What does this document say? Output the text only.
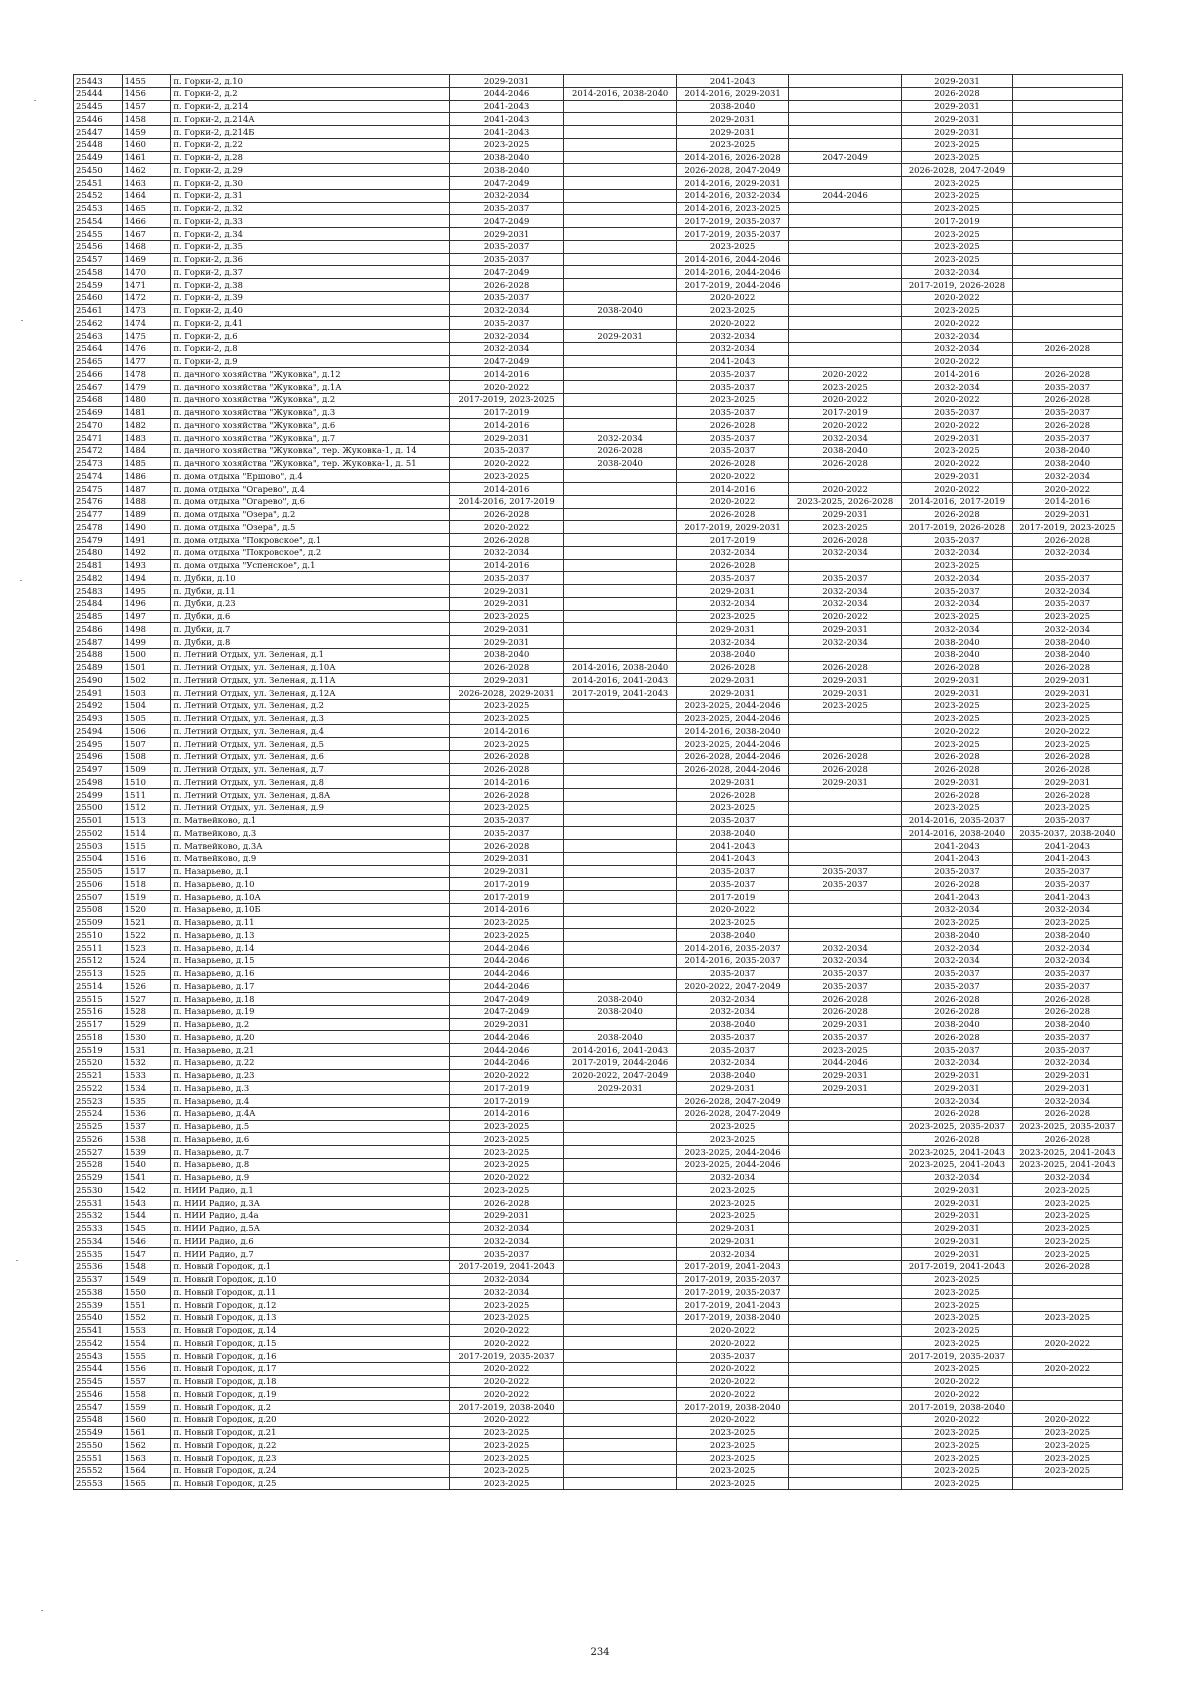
25443	1455	п. Горки-2, д.10	2029-2031		2041-2043		2029-2031	
25444	1456	п. Горки-2, д.2	2044-2046	2014-2016, 2038-2040	2014-2016, 2029-2031		2026-2028	
25445	1457	п. Горки-2, д.214	2041-2043		2038-2040		2029-2031	
25446	1458	п. Горки-2, д.214А	2041-2043		2029-2031		2029-2031	
25447	1459	п. Горки-2, д.214Б	2041-2043		2029-2031		2029-2031	
25448	1460	п. Горки-2, д.22	2023-2025		2023-2025		2023-2025	
25449	1461	п. Горки-2, д.28	2038-2040		2014-2016, 2026-2028	2047-2049	2023-2025	
25450	1462	п. Горки-2, д.29	2038-2040		2026-2028, 2047-2049		2026-2028, 2047-2049	
25451	1463	п. Горки-2, д.30	2047-2049		2014-2016, 2029-2031		2023-2025	
25452	1464	п. Горки-2, д.31	2032-2034		2014-2016, 2032-2034	2044-2046	2023-2025	
25453	1465	п. Горки-2, д.32	2035-2037		2014-2016, 2023-2025		2023-2025	
25454	1466	п. Горки-2, д.33	2047-2049		2017-2019, 2035-2037		2017-2019	
25455	1467	п. Горки-2, д.34	2029-2031		2017-2019, 2035-2037		2023-2025	
25456	1468	п. Горки-2, д.35	2035-2037		2023-2025		2023-2025	
25457	1469	п. Горки-2, д.36	2035-2037		2014-2016, 2044-2046		2023-2025	
25458	1470	п. Горки-2, д.37	2047-2049		2014-2016, 2044-2046		2032-2034	
25459	1471	п. Горки-2, д.38	2026-2028		2017-2019, 2044-2046		2017-2019, 2026-2028	
25460	1472	п. Горки-2, д.39	2035-2037		2020-2022		2020-2022	
25461	1473	п. Горки-2, д.40	2032-2034	2038-2040	2023-2025		2023-2025	
25462	1474	п. Горки-2, д.41	2035-2037		2020-2022		2020-2022	
25463	1475	п. Горки-2, д.6	2032-2034	2029-2031	2032-2034		2032-2034	
25464	1476	п. Горки-2, д.8	2032-2034		2032-2034		2032-2034	2026-2028
25465	1477	п. Горки-2, д.9	2047-2049		2041-2043		2020-2022	
25466	1478	п. дачного хозяйства "Жуковка", д.12	2014-2016		2035-2037	2020-2022	2014-2016	2026-2028
25467	1479	п. дачного хозяйства "Жуковка", д.1А	2020-2022		2035-2037	2023-2025	2032-2034	2035-2037
25468	1480	п. дачного хозяйства "Жуковка", д.2	2017-2019, 2023-2025		2023-2025	2020-2022	2020-2022	2026-2028
25469	1481	п. дачного хозяйства "Жуковка", д.3	2017-2019		2035-2037	2017-2019	2035-2037	2035-2037
25470	1482	п. дачного хозяйства "Жуковка", д.6	2014-2016		2026-2028	2020-2022	2020-2022	2026-2028
25471	1483	п. дачного хозяйства "Жуковка", д.7	2029-2031	2032-2034	2035-2037	2032-2034	2029-2031	2035-2037
25472	1484	п. дачного хозяйства "Жуковка", тер. Жуковка-1, д. 14	2035-2037	2026-2028	2035-2037	2038-2040	2023-2025	2038-2040
25473	1485	п. дачного хозяйства "Жуковка", тер. Жуковка-1, д. 51	2020-2022	2038-2040	2026-2028	2026-2028	2020-2022	2038-2040
25474	1486	п. дома отдыха "Ершово", д.4	2023-2025		2020-2022		2029-2031	2032-2034
25475	1487	п. дома отдыха "Огарево", д.4	2014-2016		2014-2016	2020-2022	2020-2022	2020-2022
25476	1488	п. дома отдыха "Огарево", д.6	2014-2016, 2017-2019		2020-2022	2023-2025, 2026-2028	2014-2016, 2017-2019	2014-2016
25477	1489	п. дома отдыха "Озера", д.2	2026-2028		2026-2028	2029-2031	2026-2028	2029-2031
25478	1490	п. дома отдыха "Озера", д.5	2020-2022		2017-2019, 2029-2031	2023-2025	2017-2019, 2026-2028	2017-2019, 2023-2025
25479	1491	п. дома отдыха "Покровское", д.1	2026-2028		2017-2019	2026-2028	2035-2037	2026-2028
25480	1492	п. дома отдыха "Покровское", д.2	2032-2034		2032-2034	2032-2034	2032-2034	2032-2034
25481	1493	п. дома отдыха "Успенское", д.1	2014-2016		2026-2028		2023-2025	
25482	1494	п. Дубки, д.10	2035-2037		2035-2037	2035-2037	2032-2034	2035-2037
25483	1495	п. Дубки, д.11	2029-2031		2029-2031	2032-2034	2035-2037	2032-2034
25484	1496	п. Дубки, д.23	2029-2031		2032-2034	2032-2034	2032-2034	2035-2037
25485	1497	п. Дубки, д.6	2023-2025		2023-2025	2020-2022	2023-2025	2023-2025
25486	1498	п. Дубки, д.7	2029-2031		2029-2031	2029-2031	2032-2034	2032-2034
25487	1499	п. Дубки, д.8	2029-2031		2032-2034	2032-2034	2038-2040	2038-2040
25488	1500	п. Летний Отдых, ул. Зеленая, д.1	2038-2040		2038-2040		2038-2040	2038-2040
25489	1501	п. Летний Отдых, ул. Зеленая, д.10А	2026-2028	2014-2016, 2038-2040	2026-2028	2026-2028	2026-2028	2026-2028
25490	1502	п. Летний Отдых, ул. Зеленая, д.11А	2029-2031	2014-2016, 2041-2043	2029-2031	2029-2031	2029-2031	2029-2031
25491	1503	п. Летний Отдых, ул. Зеленая, д.12А	2026-2028, 2029-2031	2017-2019, 2041-2043	2029-2031	2029-2031	2029-2031	2029-2031
25492	1504	п. Летний Отдых, ул. Зеленая, д.2	2023-2025		2023-2025, 2044-2046	2023-2025	2023-2025	2023-2025
25493	1505	п. Летний Отдых, ул. Зеленая, д.3	2023-2025		2023-2025, 2044-2046		2023-2025	2023-2025
25494	1506	п. Летний Отдых, ул. Зеленая, д.4	2014-2016		2014-2016, 2038-2040		2020-2022	2020-2022
25495	1507	п. Летний Отдых, ул. Зеленая, д.5	2023-2025		2023-2025, 2044-2046		2023-2025	2023-2025
25496	1508	п. Летний Отдых, ул. Зеленая, д.6	2026-2028		2026-2028, 2044-2046	2026-2028	2026-2028	2026-2028
25497	1509	п. Летний Отдых, ул. Зеленая, д.7	2026-2028		2026-2028, 2044-2046	2026-2028	2026-2028	2026-2028
25498	1510	п. Летний Отдых, ул. Зеленая, д.8	2014-2016		2029-2031	2029-2031	2029-2031	2029-2031
25499	1511	п. Летний Отдых, ул. Зеленая, д.8А	2026-2028		2026-2028		2026-2028	2026-2028
25500	1512	п. Летний Отдых, ул. Зеленая, д.9	2023-2025		2023-2025		2023-2025	2023-2025
25501	1513	п. Матвейково, д.1	2035-2037		2035-2037		2014-2016, 2035-2037	2035-2037
25502	1514	п. Матвейково, д.3	2035-2037		2038-2040		2014-2016, 2038-2040	2035-2037, 2038-2040
25503	1515	п. Матвейково, д.3А	2026-2028		2041-2043		2041-2043	2041-2043
25504	1516	п. Матвейково, д.9	2029-2031		2041-2043		2041-2043	2041-2043
25505	1517	п. Назарьево, д.1	2029-2031		2035-2037	2035-2037	2035-2037	2035-2037
25506	1518	п. Назарьево, д.10	2017-2019		2035-2037	2035-2037	2026-2028	2035-2037
25507	1519	п. Назарьево, д.10А	2017-2019		2017-2019		2041-2043	2041-2043
25508	1520	п. Назарьево, д.10Б	2014-2016		2020-2022		2032-2034	2032-2034
25509	1521	п. Назарьево, д.11	2023-2025		2023-2025		2023-2025	2023-2025
25510	1522	п. Назарьево, д.13	2023-2025		2038-2040		2038-2040	2038-2040
25511	1523	п. Назарьево, д.14	2044-2046		2014-2016, 2035-2037	2032-2034	2032-2034	2032-2034
25512	1524	п. Назарьево, д.15	2044-2046		2014-2016, 2035-2037	2032-2034	2032-2034	2032-2034
25513	1525	п. Назарьево, д.16	2044-2046		2035-2037	2035-2037	2035-2037	2035-2037
25514	1526	п. Назарьево, д.17	2044-2046		2020-2022, 2047-2049	2035-2037	2035-2037	2035-2037
25515	1527	п. Назарьево, д.18	2047-2049	2038-2040	2032-2034	2026-2028	2026-2028	2026-2028
25516	1528	п. Назарьево, д.19	2047-2049	2038-2040	2032-2034	2026-2028	2026-2028	2026-2028
25517	1529	п. Назарьево, д.2	2029-2031		2038-2040	2029-2031	2038-2040	2038-2040
25518	1530	п. Назарьево, д.20	2044-2046	2038-2040	2035-2037	2035-2037	2026-2028	2035-2037
25519	1531	п. Назарьево, д.21	2044-2046	2014-2016, 2041-2043	2035-2037	2023-2025	2035-2037	2035-2037
25520	1532	п. Назарьево, д.22	2044-2046	2017-2019, 2044-2046	2032-2034	2044-2046	2032-2034	2032-2034
25521	1533	п. Назарьево, д.23	2020-2022	2020-2022, 2047-2049	2038-2040	2029-2031	2029-2031	2029-2031
25522	1534	п. Назарьево, д.3	2017-2019	2029-2031	2029-2031	2029-2031	2029-2031	2029-2031
25523	1535	п. Назарьево, д.4	2017-2019		2026-2028, 2047-2049		2032-2034	2032-2034
25524	1536	п. Назарьево, д.4А	2014-2016		2026-2028, 2047-2049		2026-2028	2026-2028
25525	1537	п. Назарьево, д.5	2023-2025		2023-2025		2023-2025, 2035-2037	2023-2025, 2035-2037
25526	1538	п. Назарьево, д.6	2023-2025		2023-2025		2026-2028	2026-2028
25527	1539	п. Назарьево, д.7	2023-2025		2023-2025, 2044-2046		2023-2025, 2041-2043	2023-2025, 2041-2043
25528	1540	п. Назарьево, д.8	2023-2025		2023-2025, 2044-2046		2023-2025, 2041-2043	2023-2025, 2041-2043
25529	1541	п. Назарьево, д.9	2020-2022		2032-2034		2032-2034	2032-2034
25530	1542	п. НИИ Радио, д.1	2023-2025		2023-2025		2029-2031	2023-2025
25531	1543	п. НИИ Радио, д.3А	2026-2028		2023-2025		2029-2031	2023-2025
25532	1544	п. НИИ Радио, д.4а	2029-2031		2023-2025		2029-2031	2023-2025
25533	1545	п. НИИ Радио, д.5А	2032-2034		2029-2031		2029-2031	2023-2025
25534	1546	п. НИИ Радио, д.6	2032-2034		2029-2031		2029-2031	2023-2025
25535	1547	п. НИИ Радио, д.7	2035-2037		2032-2034		2029-2031	2023-2025
25536	1548	п. Новый Городок, д.1	2017-2019, 2041-2043		2017-2019, 2041-2043		2017-2019, 2041-2043	2026-2028
25537	1549	п. Новый Городок, д.10	2032-2034		2017-2019, 2035-2037		2023-2025	
25538	1550	п. Новый Городок, д.11	2032-2034		2017-2019, 2035-2037		2023-2025	
25539	1551	п. Новый Городок, д.12	2023-2025		2017-2019, 2041-2043		2023-2025	
25540	1552	п. Новый Городок, д.13	2023-2025		2017-2019, 2038-2040		2023-2025	2023-2025
25541	1553	п. Новый Городок, д.14	2020-2022		2020-2022		2023-2025	
25542	1554	п. Новый Городок, д.15	2020-2022		2020-2022		2023-2025	2020-2022
25543	1555	п. Новый Городок, д.16	2017-2019, 2035-2037		2035-2037		2017-2019, 2035-2037	
25544	1556	п. Новый Городок, д.17	2020-2022		2020-2022		2023-2025	2020-2022
25545	1557	п. Новый Городок, д.18	2020-2022		2020-2022		2020-2022	
25546	1558	п. Новый Городок, д.19	2020-2022		2020-2022		2020-2022	
25547	1559	п. Новый Городок, д.2	2017-2019, 2038-2040		2017-2019, 2038-2040		2017-2019, 2038-2040	
25548	1560	п. Новый Городок, д.20	2020-2022		2020-2022		2020-2022	2020-2022
25549	1561	п. Новый Городок, д.21	2023-2025		2023-2025		2023-2025	2023-2025
25550	1562	п. Новый Городок, д.22	2023-2025		2023-2025		2023-2025	2023-2025
25551	1563	п. Новый Городок, д.23	2023-2025		2023-2025		2023-2025	2023-2025
25552	1564	п. Новый Городок, д.24	2023-2025		2023-2025		2023-2025	2023-2025
25553	1565	п. Новый Городок, д.25	2023-2025		2023-2025		2023-2025	
234
